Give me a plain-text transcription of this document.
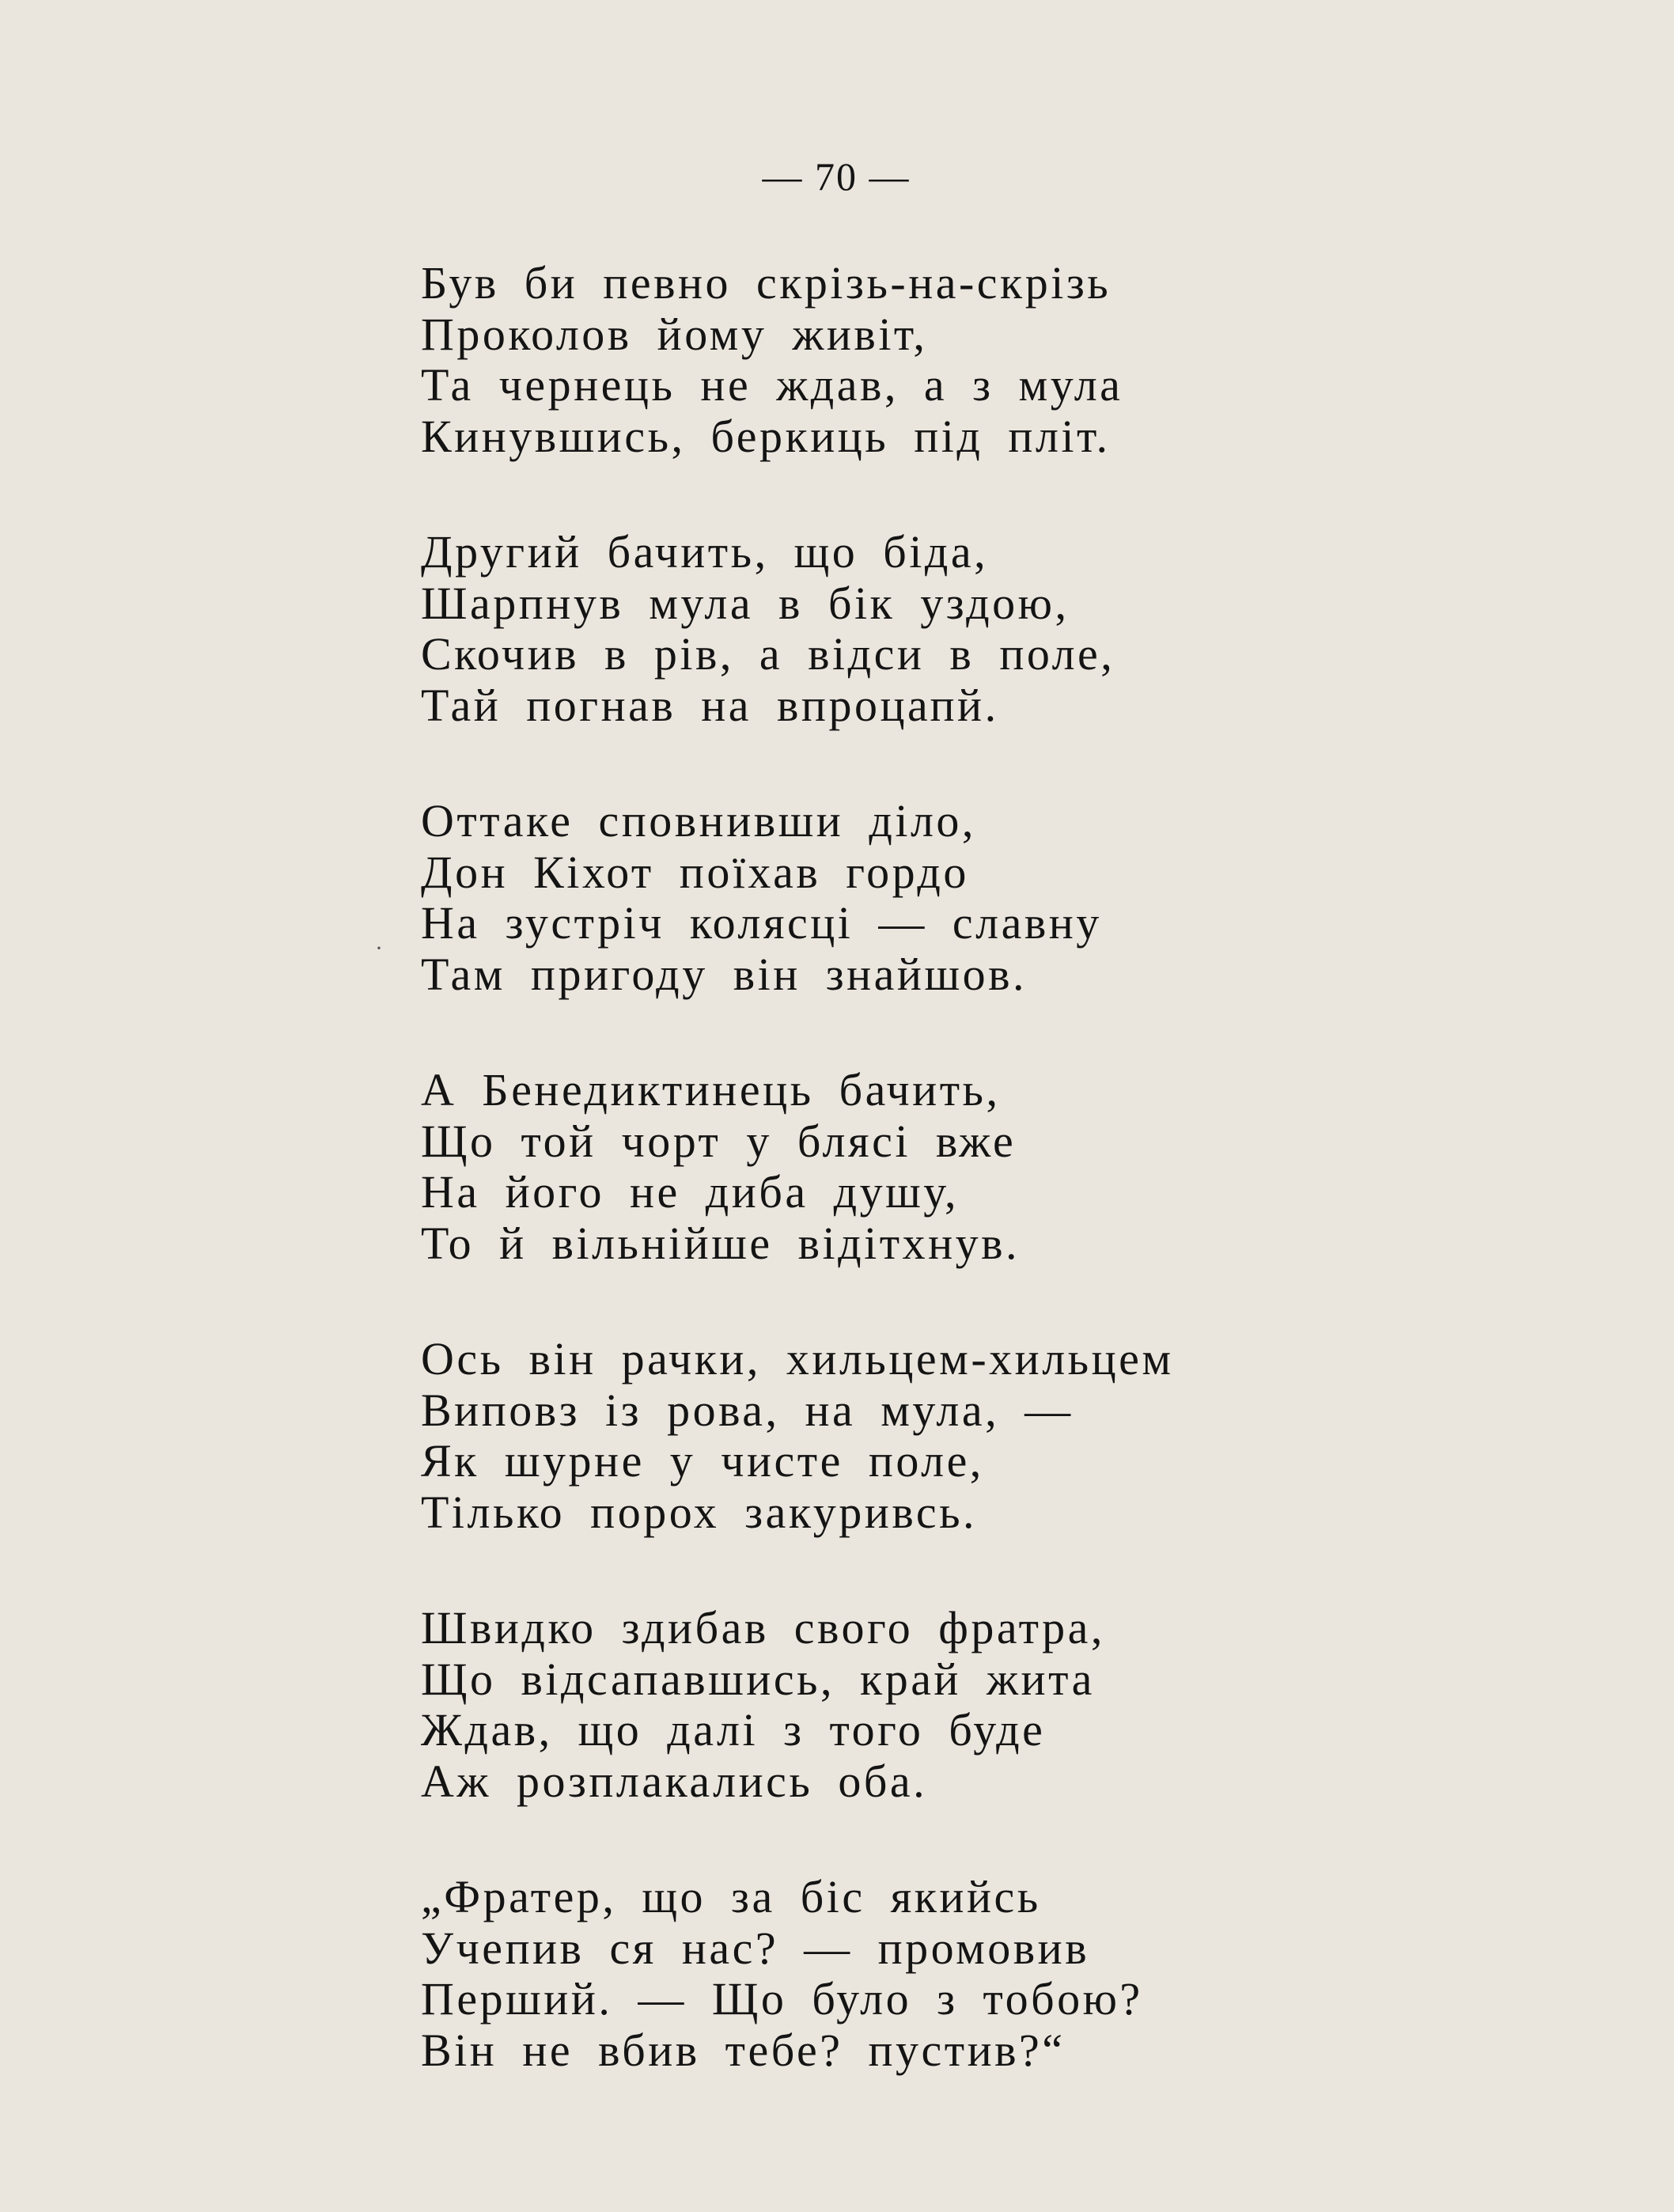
— 70 —
·
Був би певно скрізь-на-скрізь
Проколов йому живіт,
Та чернець не ждав, а з мула
Кинувшись, беркиць під пліт.
Другий бачить, що біда,
Шарпнув мула в бік уздою,
Скочив в рів, а відси в поле,
Тай погнав на впроцапй.
Оттаке сповнивши діло,
Дон Кіхот поїхав гордо
На зустріч колясці — славну
Там пригоду він знайшов.
А Бенедиктинець бачить,
Що той чорт у блясі вже
На його не диба душу,
То й вільнійше відітхнув.
Ось він рачки, хильцем-хильцем
Виповз із рова, на мула, —
Як шурне у чисте поле,
Тілько порох закуривсь.
Швидко здибав свого фратра,
Що відсапавшись, край жита
Ждав, що далі з того буде
Аж розплакались оба.
„Фратер, що за біс якийсь
Учепив ся нас? — промовив
Перший. — Що було з тобою?
Він не вбив тебе? пустив?“
